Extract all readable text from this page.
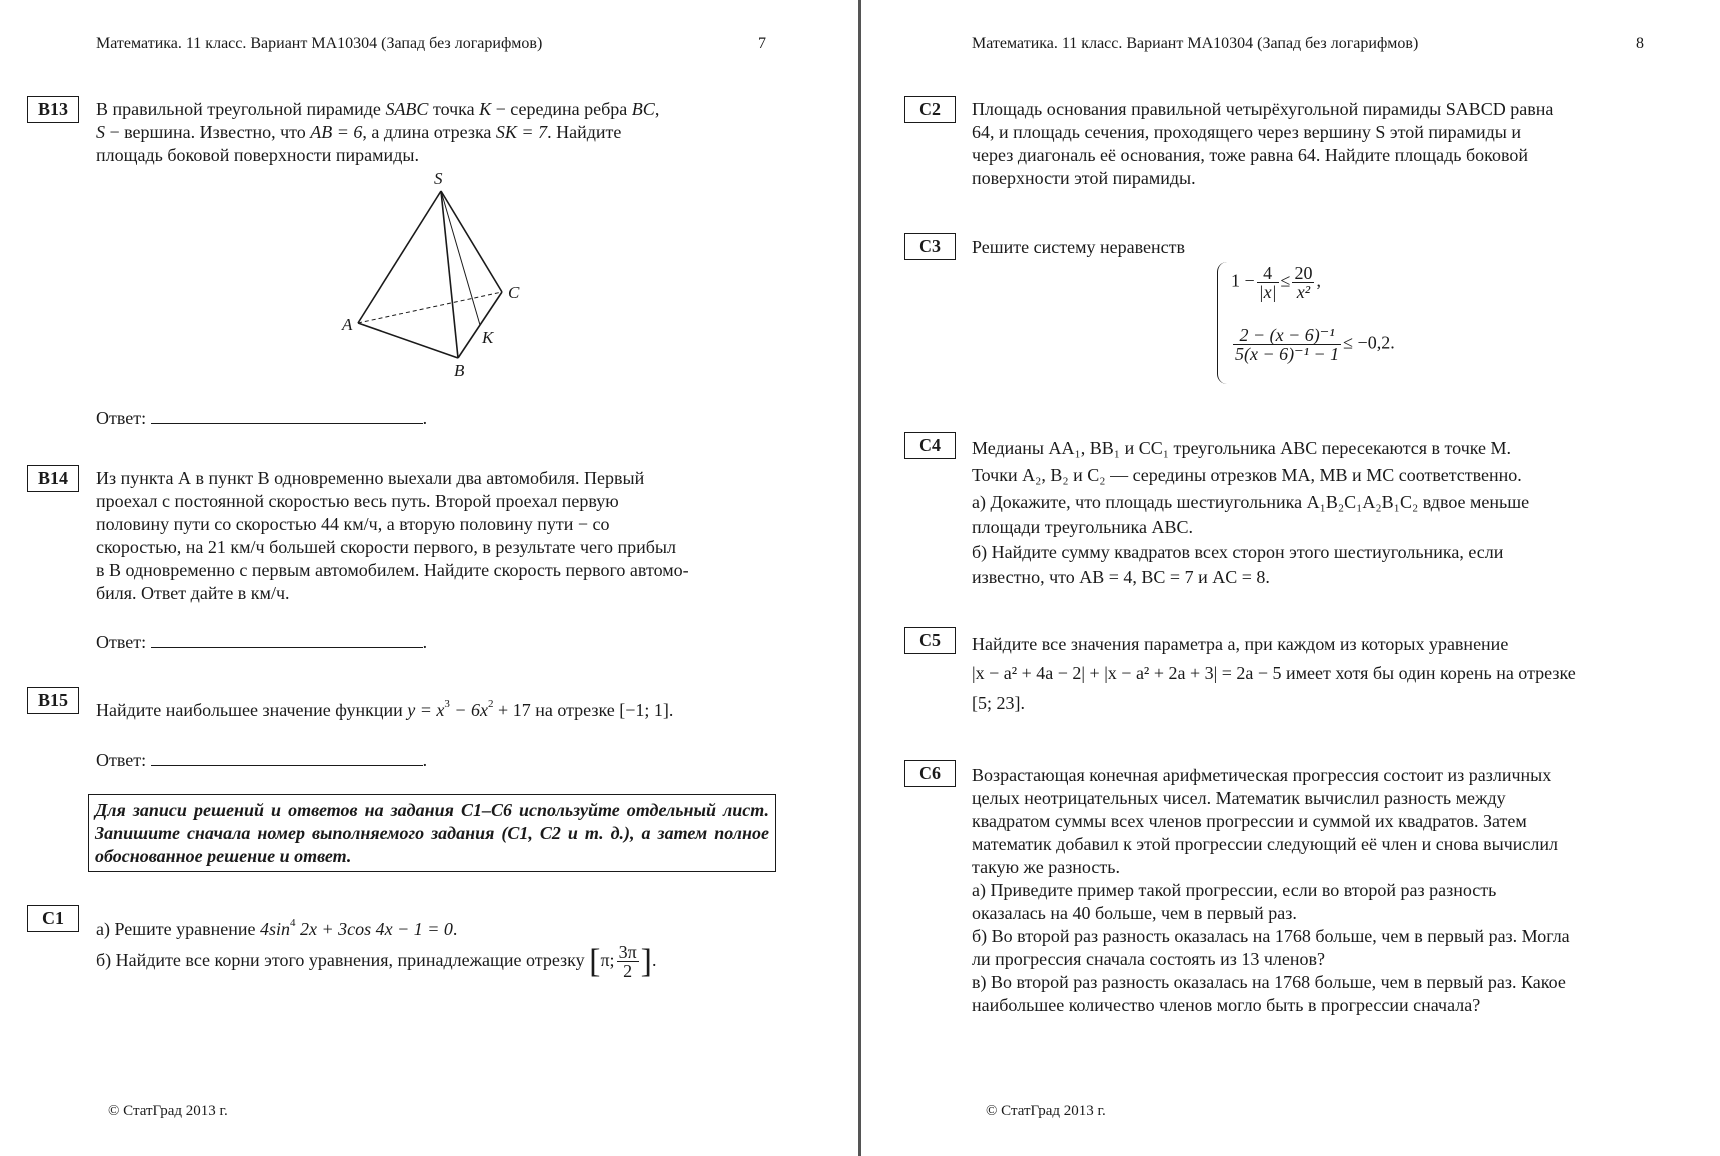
Математика. 11 класс. Вариант МА10304 (Запад без логарифмов)	7
B13	В правильной треугольной пирамиде SABC точка K − середина ребра BC,
S − вершина. Известно, что AB = 6, а длина отрезка SK = 7. Найдите
площадь боковой поверхности пирамиды.
S
A
B
C
K
Ответ:	.
B14	Из пункта А в пункт В одновременно выехали два автомобиля. Первый
проехал с постоянной скоростью весь путь. Второй проехал первую
половину пути со скоростью 44 км/ч, а вторую половину пути − со
скоростью, на 21 км/ч большей скорости первого, в результате чего прибыл
в В одновременно с первым автомобилем. Найдите скорость первого автомо-
биля. Ответ дайте в км/ч.
Ответ:	.
B15	Найдите наибольшее значение функции $y = x^3 - 6x^2 + 17$ на отрезке [−1; 1].
Ответ:	.
Для записи решений и ответов на задания С1–С6 используйте отдельный лист. Запишите сначала номер выполняемого задания (С1, С2 и т. д.), а затем полное обоснованное решение и ответ.
C1
а) Решите уравнение $4\sin^4$ 2x + 3cos 4x − 1 = 0.
б) Найдите все корни этого уравнения, принадлежащие отрезку [π; $\frac{3\pi}{2}$ ].
© СтатГрад 2013 г.
Математика. 11 класс. Вариант МА10304 (Запад без логарифмов)	8
C2	Площадь основания правильной четырёхугольной пирамиды SABCD равна
64, и площадь сечения, проходящего через вершину S этой пирамиды и
через диагональ её основания, тоже равна 64. Найдите площадь боковой
поверхности этой пирамиды.
C3	Решите систему неравенств
$1 - \frac{4}{|x|} \le \frac{20}{\text{x²}}$ ,
$\frac{\text{2 − (x − 6)⁻¹}}{\text{5(x − 6)⁻¹ − 1}} \le -0,2$.
C4	Медианы AA₁, BB₁ и CC₁ треугольника ABC пересекаются в точке M.
Точки A₂, B₂ и C₂ — середины отрезков MA, MB и MC соответственно.
а) Докажите, что площадь шестиугольника A₁B₂C₁A₂B₁C₂ вдвое меньше
площади треугольника ABC.
б) Найдите сумму квадратов всех сторон этого шестиугольника, если
известно, что AB = 4, BC = 7 и AC = 8.
C5	Найдите все значения параметра a, при каждом из которых уравнение
|x − a² + 4a − 2| + |x − a² + 2a + 3| = 2a − 5 имеет хотя бы один корень на отрезке
[5; 23].
C6	Возрастающая конечная арифметическая прогрессия состоит из различных
целых неотрицательных чисел. Математик вычислил разность между
квадратом суммы всех членов прогрессии и суммой их квадратов. Затем
математик добавил к этой прогрессии следующий её член и снова вычислил
такую же разность.
а) Приведите пример такой прогрессии, если во второй раз разность
оказалась на 40 больше, чем в первый раз.
б) Во второй раз разность оказалась на 1768 больше, чем в первый раз. Могла
ли прогрессия сначала состоять из 13 членов?
в) Во второй раз разность оказалась на 1768 больше, чем в первый раз. Какое
наибольшее количество членов могло быть в прогрессии сначала?
© СтатГрад 2013 г.
